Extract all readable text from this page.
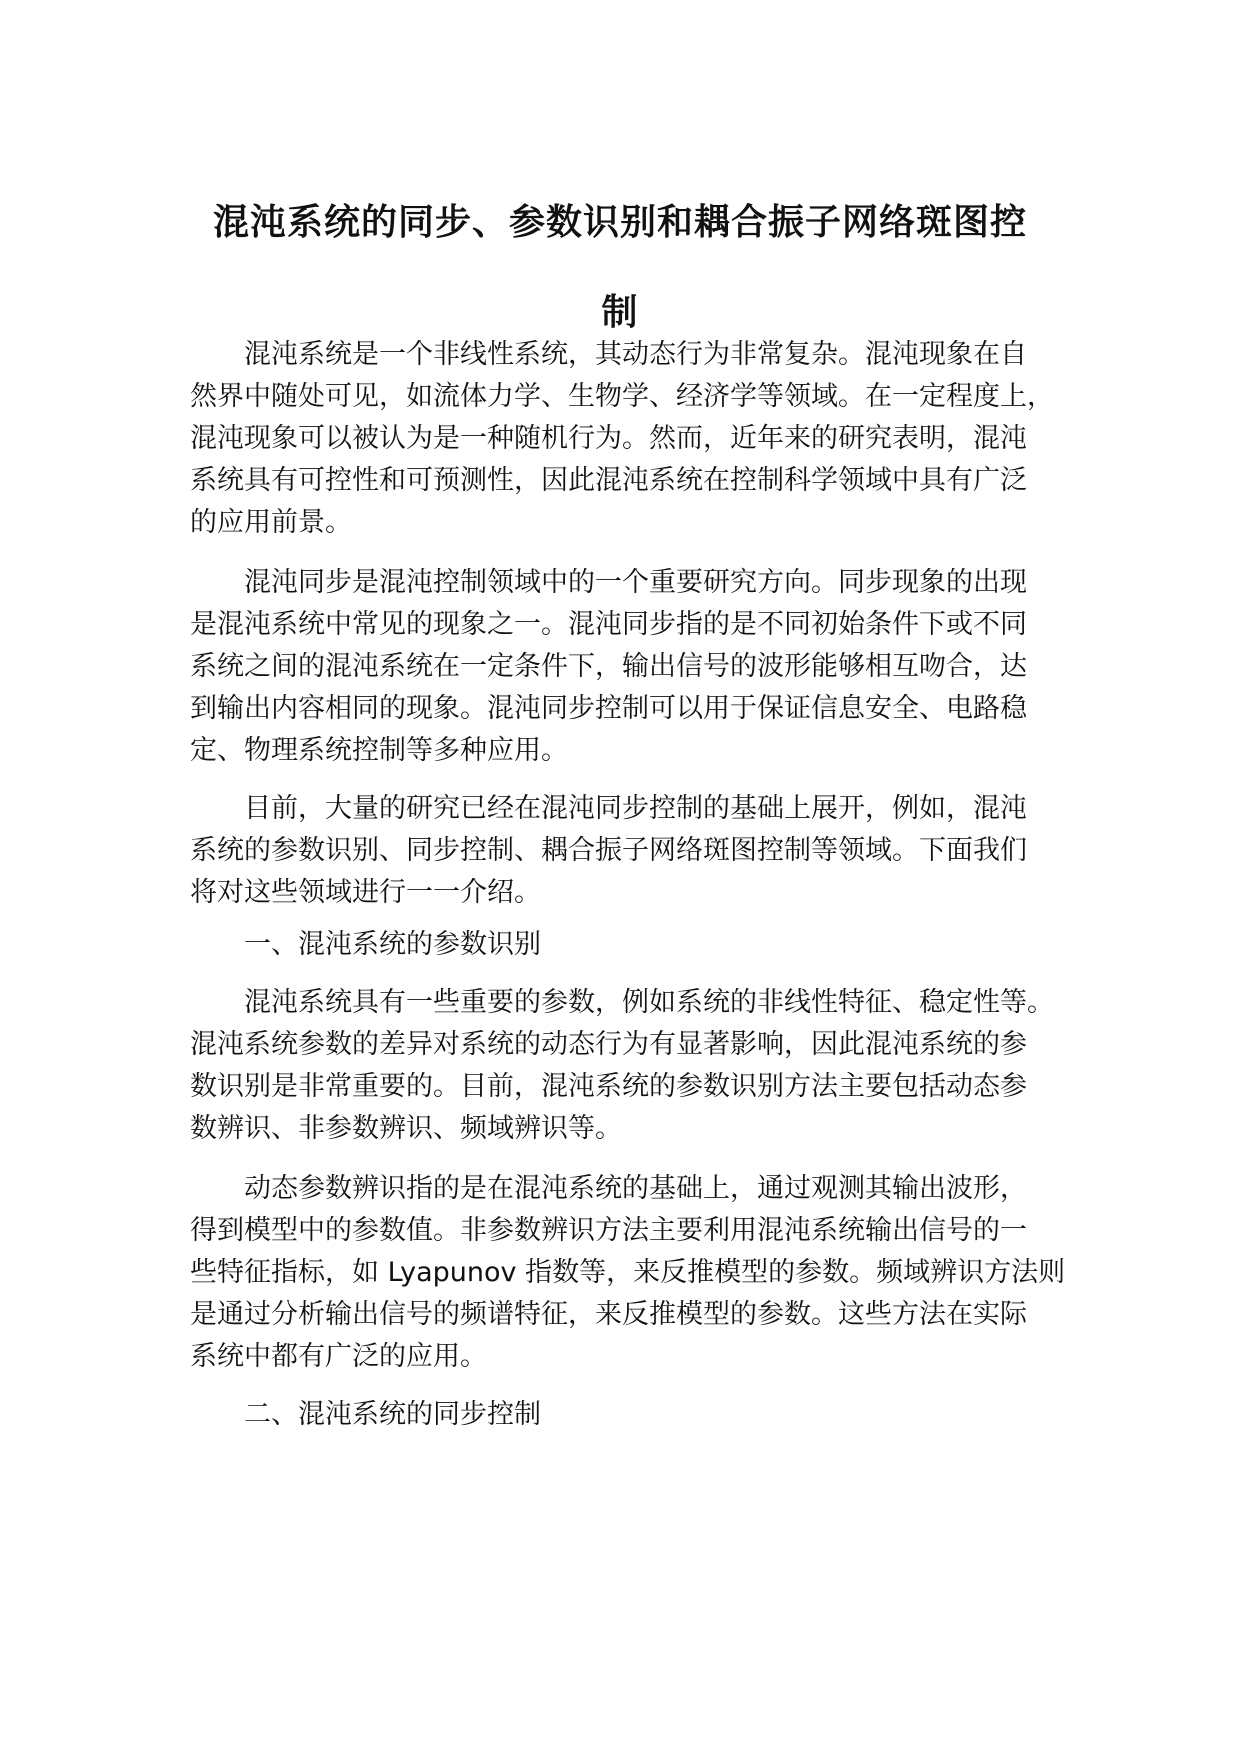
混沌系统的同步、参数识别和耦合振子网络斑图控
制
混沌系统是一个非线性系统，其动态行为非常复杂。混沌现象在自
然界中随处可见，如流体力学、生物学、经济学等领域。在一定程度上，
混沌现象可以被认为是一种随机行为。然而，近年来的研究表明，混沌
系统具有可控性和可预测性，因此混沌系统在控制科学领域中具有广泛
的应用前景。
混沌同步是混沌控制领域中的一个重要研究方向。同步现象的出现
是混沌系统中常见的现象之一。混沌同步指的是不同初始条件下或不同
系统之间的混沌系统在一定条件下，输出信号的波形能够相互吻合，达
到输出内容相同的现象。混沌同步控制可以用于保证信息安全、电路稳
定、物理系统控制等多种应用。
目前，大量的研究已经在混沌同步控制的基础上展开，例如，混沌
系统的参数识别、同步控制、耦合振子网络斑图控制等领域。下面我们
将对这些领域进行一一介绍。
一、混沌系统的参数识别
混沌系统具有一些重要的参数，例如系统的非线性特征、稳定性等。
混沌系统参数的差异对系统的动态行为有显著影响，因此混沌系统的参
数识别是非常重要的。目前，混沌系统的参数识别方法主要包括动态参
数辨识、非参数辨识、频域辨识等。
动态参数辨识指的是在混沌系统的基础上，通过观测其输出波形，
得到模型中的参数值。非参数辨识方法主要利用混沌系统输出信号的一
些特征指标，如 Lyapunov 指数等，来反推模型的参数。频域辨识方法则
是通过分析输出信号的频谱特征，来反推模型的参数。这些方法在实际
系统中都有广泛的应用。
二、混沌系统的同步控制
